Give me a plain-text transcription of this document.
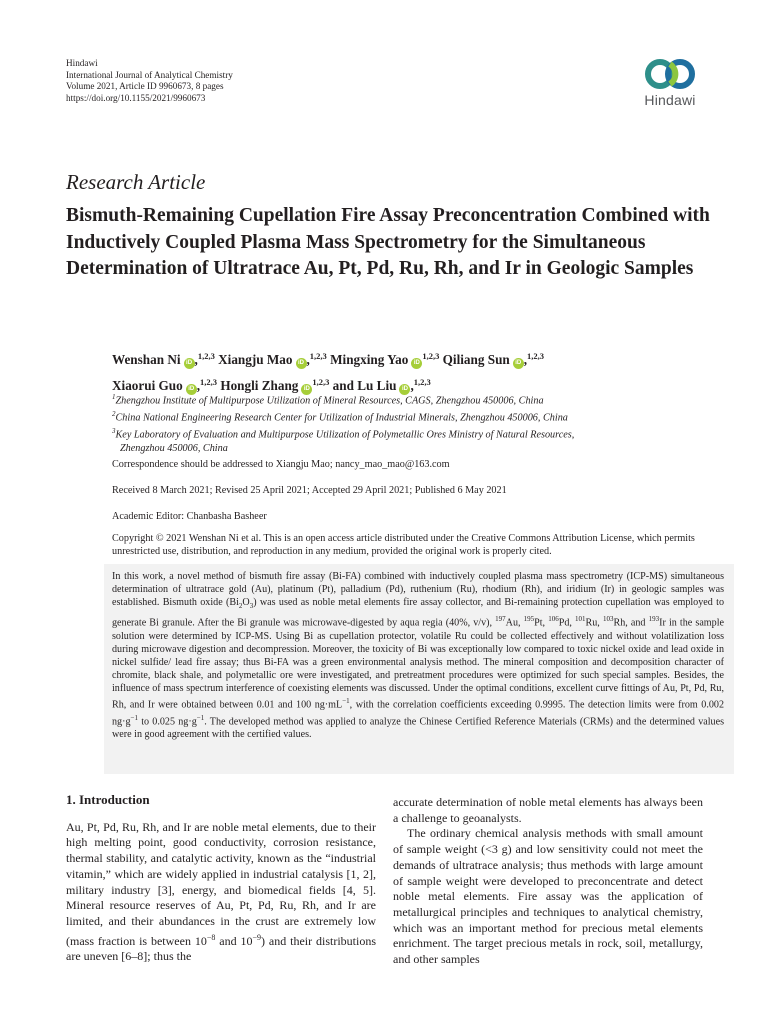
Hindawi
International Journal of Analytical Chemistry
Volume 2021, Article ID 9960673, 8 pages
https://doi.org/10.1155/2021/9960673	Hindawi
Research Article
Bismuth-Remaining Cupellation Fire Assay Preconcentration Combined with Inductively Coupled Plasma Mass Spectrometry for the Simultaneous Determination of Ultratrace Au, Pt, Pd, Ru, Rh, and Ir in Geologic Samples
Wenshan Ni iD ,$^{1,2,3}$ Xiangju Mao iD ,$^{1,2,3}$ Mingxing Yao iD$^{1,2,3}$ Qiliang Sun iD ,$^{1,2,3}$
Xiaorui Guo iD ,$^{1,2,3}$ Hongli Zhang iD$^{1,2,3}$ and Lu Liu iD ,$^{1,2,3}$
$^1$Zhengzhou Institute of Multipurpose Utilization of Mineral Resources, CAGS, Zhengzhou 450006, China
$^2$China National Engineering Research Center for Utilization of Industrial Minerals, Zhengzhou 450006, China
$^3$Key Laboratory of Evaluation and Multipurpose Utilization of Polymetallic Ores Ministry of Natural Resources,
Zhengzhou 450006, China
Correspondence should be addressed to Xiangju Mao; nancy_mao_mao@163.com
Received 8 March 2021; Revised 25 April 2021; Accepted 29 April 2021; Published 6 May 2021
Academic Editor: Chanbasha Basheer
Copyright © 2021 Wenshan Ni et al. This is an open access article distributed under the Creative Commons Attribution License, which permits unrestricted use, distribution, and reproduction in any medium, provided the original work is properly cited.
In this work, a novel method of bismuth fire assay (Bi-FA) combined with inductively coupled plasma mass spectrometry (ICP-MS) simultaneous determination of ultratrace gold (Au), platinum (Pt), palladium (Pd), ruthenium (Ru), rhodium (Rh), and iridium (Ir) in geologic samples was established. Bismuth oxide $(Bi_2O_3)$ was used as noble metal elements fire assay collector, and Bi-remaining protection cupellation was employed to generate Bi granule. After the Bi granule was microwave-digested by aqua regia (40%, v/v), $^{197}$Au, $^{195}$Pt, $^{106}$Pd, $^{101}$Ru, $^{103}$Rh, and $^{193}$Ir in the sample solution were determined by ICP-MS. Using Bi as cupellation protector, volatile Ru could be collected effectively and without volatilization loss during microwave digestion and decompression. Moreover, the toxicity of Bi was exceptionally low compared to toxic nickel oxide and lead oxide in nickel sulfide/ lead fire assay; thus Bi-FA was a green environmental analysis method. The mineral composition and decomposition character of chromite, black shale, and polymetallic ore were investigated, and pretreatment procedures were optimized for such special samples. Besides, the influence of mass spectrum interference of coexisting elements was discussed. Under the optimal conditions, excellent curve fittings of Au, Pt, Pd, Ru, Rh, and Ir were obtained between 0.01 and 100 $ng\cdot mL^{-1}$, with the correlation coefficients exceeding 0.9995. The detection limits were from 0.002 $ng\cdot g^{-1}$ to 0.025 $ng\cdot g^{-1}$. The developed method was applied to analyze the Chinese Certified Reference Materials (CRMs) and the determined values were in good agreement with the certified values.
1. Introduction

Au, Pt, Pd, Ru, Rh, and Ir are noble metal elements, due to their high melting point, good conductivity, corrosion resistance, thermal stability, and catalytic activity, known as the “industrial vitamin,” which are widely applied in industrial catalysis [1, 2], military industry [3], energy, and biomedical fields [4, 5]. Mineral resource reserves of Au, Pt, Pd, Ru, Rh, and Ir are limited, and their abundances in the crust are extremely low (mass fraction is between $10^{-8}$ and $10^{-9}$) and their distributions are uneven [6–8]; thus the

accurate determination of noble metal elements has always been a challenge to geoanalysts.

The ordinary chemical analysis methods with small amount of sample weight (<3 g) and low sensitivity could not meet the demands of ultratrace analysis; thus methods with large amount of sample weight were developed to preconcentrate and detect noble metal elements. Fire assay was the application of metallurgical principles and techniques to analytical chemistry, which was an important method for precious metal elements enrichment. The target precious metals in rock, soil, metallurgy, and other samples
